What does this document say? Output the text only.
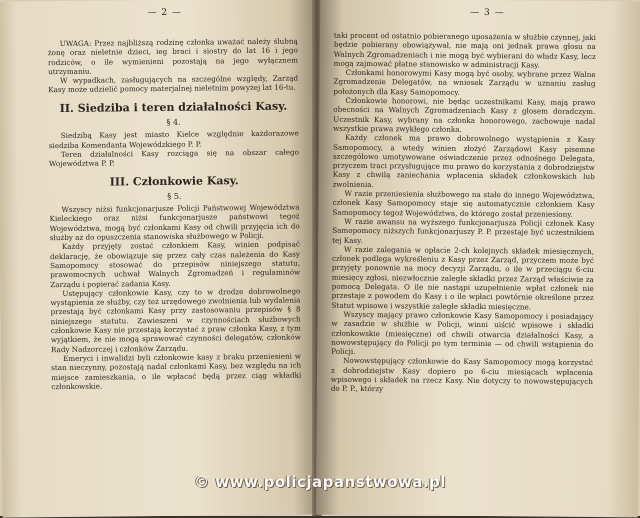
— 2 —

UWAGA: Przez najbliższą rodzinę członka uważać należy ślubną żonę oraz nieletnie dzieci, ieg braci i siostry do lat 16 i jego rodziców, o ile wymienieni pozostają na jego wyłącznem utrzymaniu.

W wypadkach, zasługujących na szczególne względy, Zarząd Kasy może udzielić pomocy materjalnej nieletnim powyżej lat 16-tu.

II. Siedziba i teren działalności Kasy.
§ 4.

Siedzibą Kasy jest miasto Kielce względnie każdorazowe siedziba Komendanta Wojewódzkiego P. P.

Teren działalności Kasy rozciąga się na obszar całego Województwa P. P.

III. Członkowie Kasy.
§ 5.

Wszyscy niżsi funkcjonarjusze Policji Państwowej Województwa Kieleckiego oraz niżsi funkcjonarjusze państwowi tegoż Województwa, mogą być członkami Kasy od chwili przyjęcia ich do służby aż do opuszczenia stanowiska służbowego w Policji.

Każdy przyjęty zostać członkiem Kasy, winien podpisać deklarację, że obowiązuje się przez cały czas należenia do Kasy Samopomocy stosować do przepisów niniejszego statutu, prawomocnych uchwał Walnych Zgromadzeń i regulaminów Zarządu i popierać zadania Kasy.

Ustępujący członkowie Kasy, czy to w drodze dobrowolnego wystąpienia ze służby, czy też urzędowego zwolnienia lub wydalenia przestają być członkami Kasy przy zastosowaniu przepisów § 8 niniejszego statutu. Zawieszeni w czynnościach służbowych członkowie Kasy nie przestają korzystać z praw członka Kasy, z tym wyjątkiem, że nie mogą sprawować czynności delegatów, członków Rady Nadzorczej i członków Zarządu.

Emeryci i inwalidzi byli członkowie kasy z braku przeniesieni w stan nieczynny, pozostają nadal członkami Kasy, bez względu na ich miejsce zamieszkania, o ile wpłacać będą przez ciąg wkładki członkowskie.

— 3 —

taki procent od ostatnio pobieranego uposażenia w służbie czynnej, jaki będzie pobierany obowiązywał, nie mają oni jednak prawa głosu na Walnych Zgromadzeniach i nie mogą być wybierani do władz Kasy, lecz mogą zajmować płatne stanowisko w administracji Kasy.

Członkami honorowymi Kasy mogą być osoby, wybrane przez Walne Zgromadzenie Delegatów, na wniosek Zarządu w uznaniu zasług położonych dla Kasy Samopomocy.

Członkowie honorowi, nie będąc uczestnikami Kasy, mają prawo obecności na Walnych Zgromadzeniach Kasy z głosem doradczym. Uczestnik Kasy, wybrany na członka honorowego, zachowuje nadal wszystkie prawa zwykłego członka.

Każdy członek ma prawo dobrowolnego wystąpienia z Kasy Samopomocy, a wtedy winien złożyć Zarządowi Kasy pisemne szczegółowo umotywowane oświadczenie przez odnośnego Delegata, przyczem traci przysługujące mu prawo do korzystania z dobrodziejstw Kasy z chwilą zaniechania wpłacenia składek członkowskich lub zwolnienia.

W razie przeniesienia służbowego na stałe do innego Województwa, członek Kasy Samopomocy staje się automatycznie członkiem Kasy Samopomocy tegoż Województwa, do którego został przeniesiony.

W razie awansu na wyższego funkcjonarjusza Policji członek Kasy Samopomocy niższych funkcjonarjuszy P. P. przestaje być uczestnikiem tej Kasy.

W razie zalegania w opłacie 2-ch kolejnych składek miesięcznych, członek podlega wykreśleniu z Kasy przez Zarząd, przyczem może być przyjęty ponownie na mocy decyzji Zarządu, o ile w przeciągu 6-ciu miesięcy zgłosi, niezwłocznie zaległe składki przez Zarząd właściwie za pomocą Delegata. O ile nie nastąpi uzupełnienie wpłat członek nie przestaje z powodem do Kasy i o ile wpłaci powtórnie określone przez Statut wpisowe i wszystkie zaległe składki miesięczne.

Wszyscy mający prawo członkowie Kasy Samopomocy i posiadający w zasadzie w służbie w Policji, winni uiścić wpisowe i składki członkowskie (miesięczne) od chwili otwarcia działalności Kasy, a nowowstępujący do Policji po tym terminie — od chwili wstąpienia do Policji.

Nowowstępujący członkowie do Kasy Samopomocy mogą korzystać z dobrodziejstw Kasy dopiero po 6-ciu miesiącach wpłacenia wpisowego i składek na rzecz Kasy. Nie dotyczy to nowowstępujących do P. P., którzy

© www.policjapanstwowa.pl
